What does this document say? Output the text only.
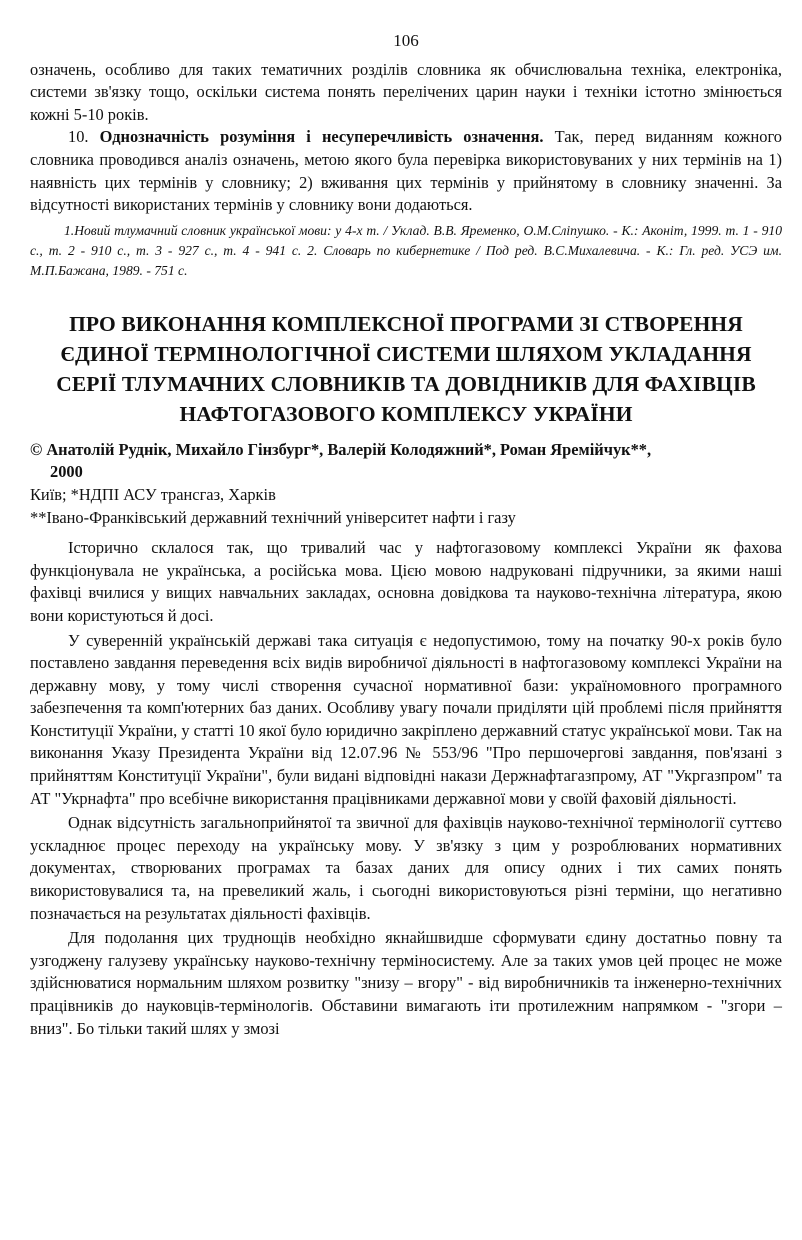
106

означень, особливо для таких тематичних розділів словника як обчислювальна техніка, електроніка, системи зв'язку тощо, оскільки система понять перелічених царин науки і техніки істотно змінюється кожні 5-10 років.

10. Однозначність розуміння і несуперечливість означення. Так, перед виданням кожного словника проводився аналіз означень, метою якого була перевірка використовуваних у них термінів на 1) наявність цих термінів у словнику; 2) вживання цих термінів у прийнятому в словнику значенні. За відсутності використаних термінів у словнику вони додаються.

1.Новий тлумачний словник української мови: у 4-х т. / Уклад. В.В. Яременко, О.М.Сліпушко. - К.: Аконіт, 1999. т. 1 - 910 с., т. 2 - 910 с., т. 3 - 927 с., т. 4 - 941 с. 2. Словарь по кибернетике / Под ред. В.С.Михалевича. - К.: Гл. ред. УСЭ им. М.П.Бажана, 1989. - 751 с.

ПРО ВИКОНАННЯ КОМПЛЕКСНОЇ ПРОГРАМИ ЗІ СТВОРЕННЯ
ЄДИНОЇ ТЕРМІНОЛОГІЧНОЇ СИСТЕМИ ШЛЯХОМ УКЛАДАННЯ
СЕРІЇ ТЛУМАЧНИХ СЛОВНИКІВ ТА ДОВІДНИКІВ ДЛЯ ФАХІВЦІВ
НАФТОГАЗОВОГО КОМПЛЕКСУ УКРАЇНИ
© Анатолій Руднік, Михайло Гінзбург*, Валерій Колодяжний*, Роман Яремійчук**,
2000
Київ; *НДПІ АСУ трансгаз, Харків
**Івано-Франківський державний технічний університет нафти і газу

Історично склалося так, що тривалий час у нафтогазовому комплексі України як фахова функціонувала не українська, а російська мова. Цією мовою надруковані підручники, за якими наші фахівці вчилися у вищих навчальних закладах, основна довідкова та науково-технічна література, якою вони користуються й досі.

У суверенній українській державі така ситуація є недопустимою, тому на початку 90-х років було поставлено завдання переведення всіх видів виробничої діяльності в нафтогазовому комплексі України на державну мову, у тому числі створення сучасної нормативної бази: україномовного програмного забезпечення та комп'ютерних баз даних. Особливу увагу почали приділяти цій проблемі після прийняття Конституції України, у статті 10 якої було юридично закріплено державний статус української мови. Так на виконання Указу Президента України від 12.07.96 № 553/96 "Про першочергові завдання, пов'язані з прийняттям Конституції України", були видані відповідні накази Держнафтагазпрому, АТ "Укргазпром" та АТ "Укрнафта" про всебічне використання працівниками державної мови у своїй фаховій діяльності.

Однак відсутність загальноприйнятої та звичної для фахівців науково-технічної термінології суттєво ускладнює процес переходу на українську мову. У зв'язку з цим у розроблюваних нормативних документах, створюваних програмах та базах даних для опису одних і тих самих понять використовувалися та, на превеликий жаль, і сьогодні використовуються різні терміни, що негативно позначається на результатах діяльності фахівців.

Для подолання цих труднощів необхідно якнайшвидше сформувати єдину достатньо повну та узгоджену галузеву українську науково-технічну терміносистему. Але за таких умов цей процес не може здійснюватися нормальним шляхом розвитку "знизу – вгору" - від виробничників та інженерно-технічних працівників до науковців-термінологів. Обставини вимагають іти протилежним напрямком - "згори – вниз". Бо тільки такий шлях у змозі
